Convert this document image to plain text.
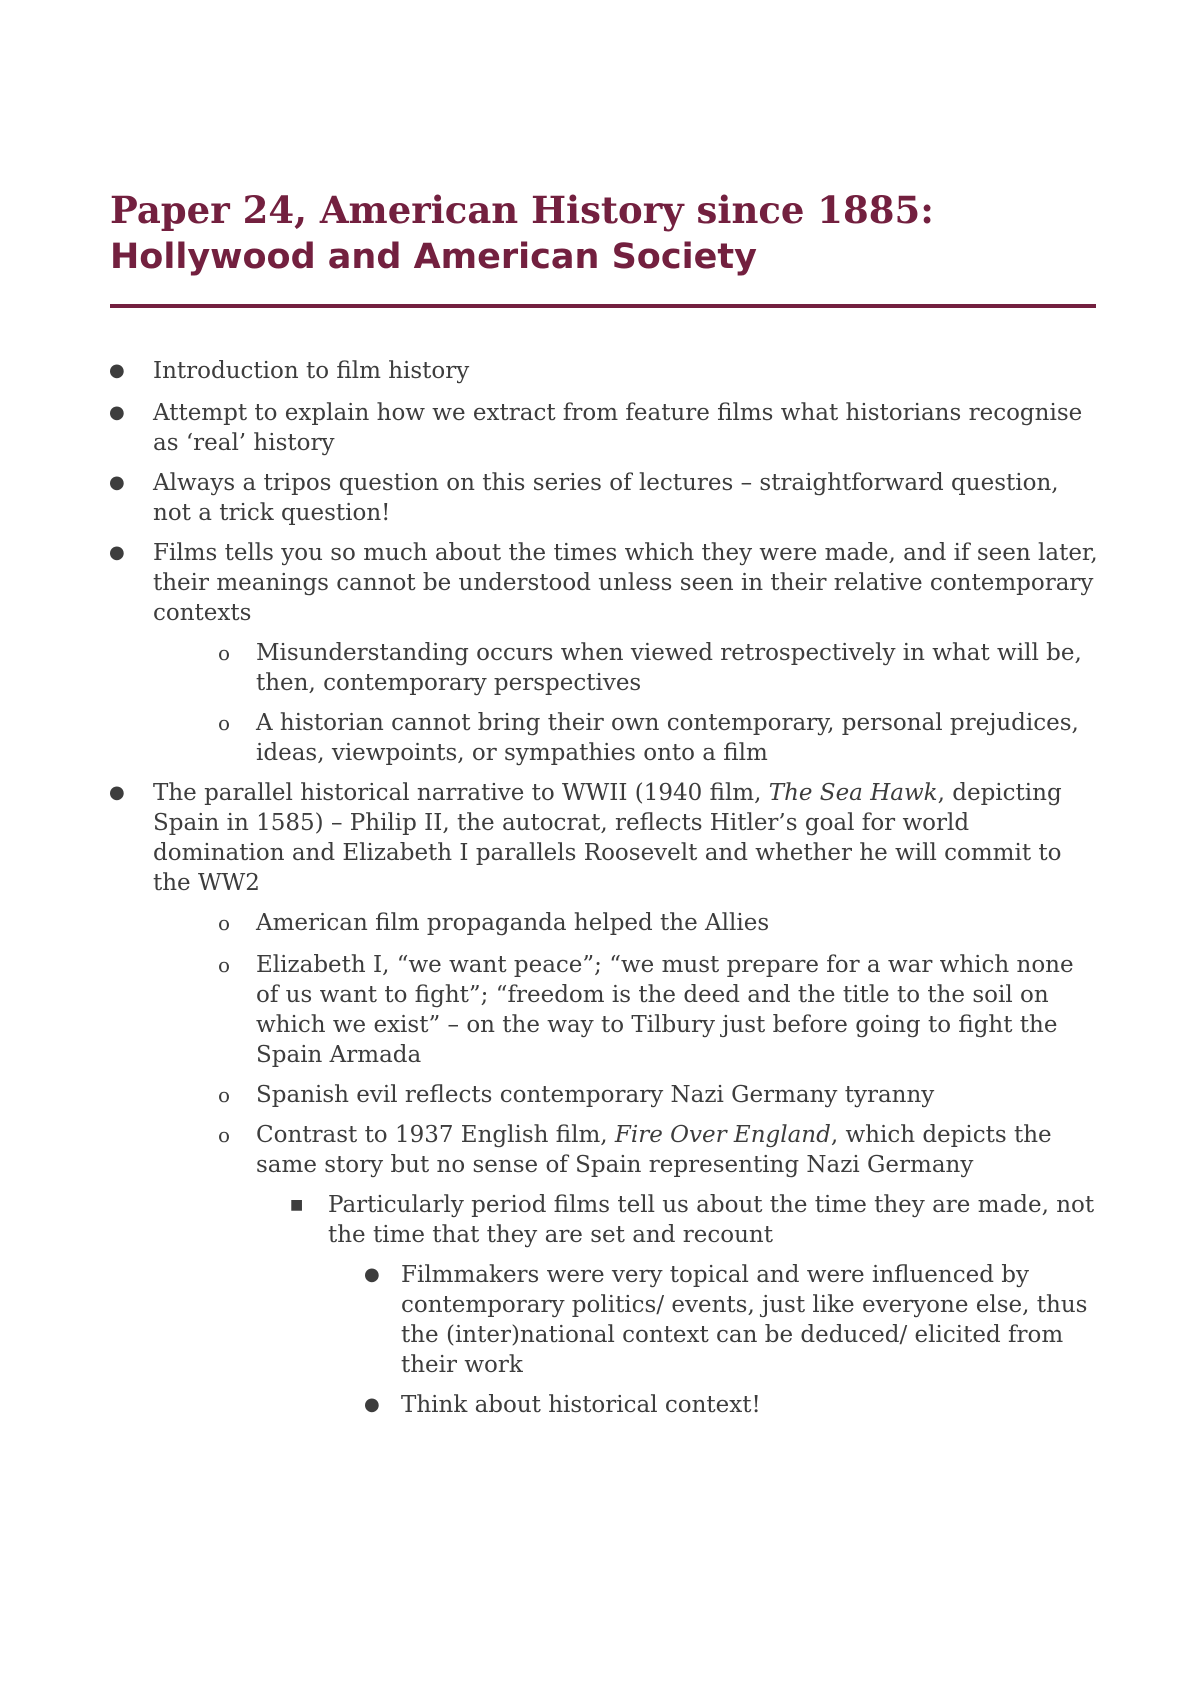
Paper 24, American History since 1885:
Hollywood and American Society
● Introduction to film history
● Attempt to explain how we extract from feature films what historians recognise as ‘real’ history
● Always a tripos question on this series of lectures – straightforward question, not a trick question!
● Films tells you so much about the times which they were made, and if seen later, their meanings cannot be understood unless seen in their relative contemporary contexts
o Misunderstanding occurs when viewed retrospectively in what will be, then, contemporary perspectives
o A historian cannot bring their own contemporary, personal prejudices, ideas, viewpoints, or sympathies onto a film
● The parallel historical narrative to WWII (1940 film, The Sea Hawk, depicting Spain in 1585) – Philip II, the autocrat, reflects Hitler’s goal for world domination and Elizabeth I parallels Roosevelt and whether he will commit to the WW2
o American film propaganda helped the Allies
o Elizabeth I, “we want peace”; “we must prepare for a war which none of us want to fight”; “freedom is the deed and the title to the soil on which we exist” – on the way to Tilbury just before going to fight the Spain Armada
o Spanish evil reflects contemporary Nazi Germany tyranny
o Contrast to 1937 English film, Fire Over England, which depicts the same story but no sense of Spain representing Nazi Germany
■ Particularly period films tell us about the time they are made, not the time that they are set and recount
● Filmmakers were very topical and were influenced by contemporary politics/ events, just like everyone else, thus the (inter)national context can be deduced/ elicited from their work
● Think about historical context!
